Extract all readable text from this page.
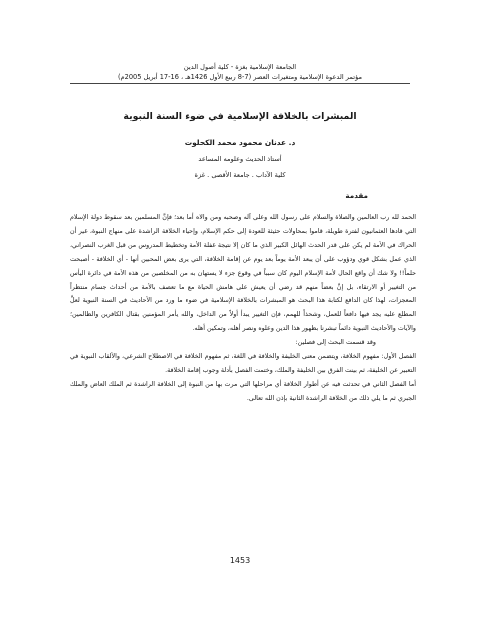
الجامعة الإسلامية بغزة - كلية أصول الدين
مؤتمر الدعوة الإسلامية ومتغيرات العصر (7-8 ربيع الأول 1426هـ ، 16-17 أبريل 2005م)
المبشرات بالخلافة الإسلامية في ضوء السنة النبوية
د. عدنان محمود محمد الكحلوت
أستاذ الحديث وعلومه المساعد
كلية الآداب . جامعة الأقصى . غزة
مقدمة

الحمد لله رب العالمين والصلاة والسلام على رسول الله وعلى آله وصحبه ومن والاه أما بعد؛ فإنَّ المسلمين بعد سقوط دولة الإسلام التي قادها العثمانيون لفترة طويلة، قاموا بمحاولات حثيثة للعودة إلى حكم الإسلام، وإحياء الخلافة الراشدة على منهاج النبوة، غير أن الحراك في الأمة لم يكن على قدر الحدث الهائل الكبير الذي ما كان إلا نتيجة غفلة الأمة وتخطيط المدروس من قبل الغرب النصراني، الذي عمل بشكل قوي ودؤوب على أن يبعد الأمة يوماً بعد يوم عن إقامة الخلافة، التي يرى بعض المحبين أنها - أي الخلافة - أصبحت حلماً!! ولا شك أن واقع الحال لأمة الإسلام اليوم كان سبباً في وقوع جزء لا يستهان به من المخلصين من هذه الأمة في دائرة اليأس من التغيير أو الارتقاء، بل إنَّ بعضاً منهم قد رضي أن يعيش على هامش الحياة مع ما تعصف بالأمة من أحداث جسام منتظراً المعجزات، لهذا كان الدافع لكتابة هذا البحث هو المبشرات بالخلافة الإسلامية في ضوء ما ورد من الأحاديث في السنة النبوية لعلَّ المطلع عليه يجد فيها دافعاً للعمل، وشحذاً للهمم، فإن التغيير يبدأ أولاً من الداخل، والله يأمر المؤمنين بقتال الكافرين والظالمين؛ والآيات والأحاديث النبوية دائماً تبشرنا بظهور هذا الدين وعلوه ونصر أهله، وتمكين أهله.

وقد قسمت البحث إلى فصلين:

الفصل الأول: مفهوم الخلافة، ويتضمن معنى الخليفة والخلافة في اللغة، ثم مفهوم الخلافة في الاصطلاح الشرعي، والألقاب النبوية في التعبير عن الخليفة، ثم بينت الفرق بين الخليفة والملك، وختمت الفصل بأدلة وجوب إقامة الخلافة.

أما الفصل الثاني في تحدثت فيه عن أطوار الخلافة أي مراحلها التي مرت بها من النبوة إلى الخلافة الراشدة ثم الملك العاض والملك الجبري ثم ما يلي ذلك من الخلافة الراشدة الثانية بإذن الله تعالى.

1453
